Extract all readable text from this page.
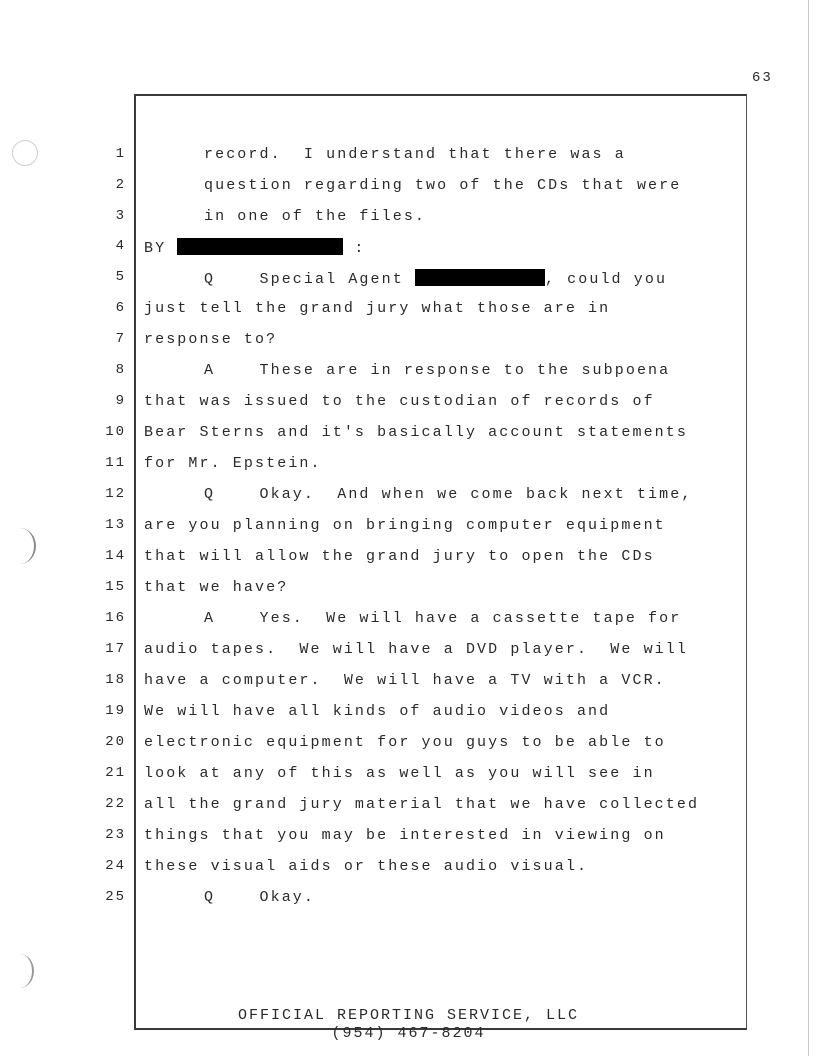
63
1	record.  I understand that there was a
2	question regarding two of the CDs that were
3	in one of the files.
4 BY	:
5	Q    Special Agent	, could you
6 just tell the grand jury what those are in
7 response to?
8	A    These are in response to the subpoena
9 that was issued to the custodian of records of
10 Bear Sterns and it's basically account statements
11 for Mr. Epstein.
12	Q    Okay.  And when we come back next time,
13 are you planning on bringing computer equipment
14 that will allow the grand jury to open the CDs
15 that we have?
16	A    Yes.  We will have a cassette tape for
17 audio tapes.  We will have a DVD player.  We will
18 have a computer.  We will have a TV with a VCR.
19 We will have all kinds of audio videos and
20 electronic equipment for you guys to be able to
21 look at any of this as well as you will see in
22 all the grand jury material that we have collected
23 things that you may be interested in viewing on
24 these visual aids or these audio visual.
25	Q    Okay.
OFFICIAL REPORTING SERVICE, LLC
(954) 467-8204
